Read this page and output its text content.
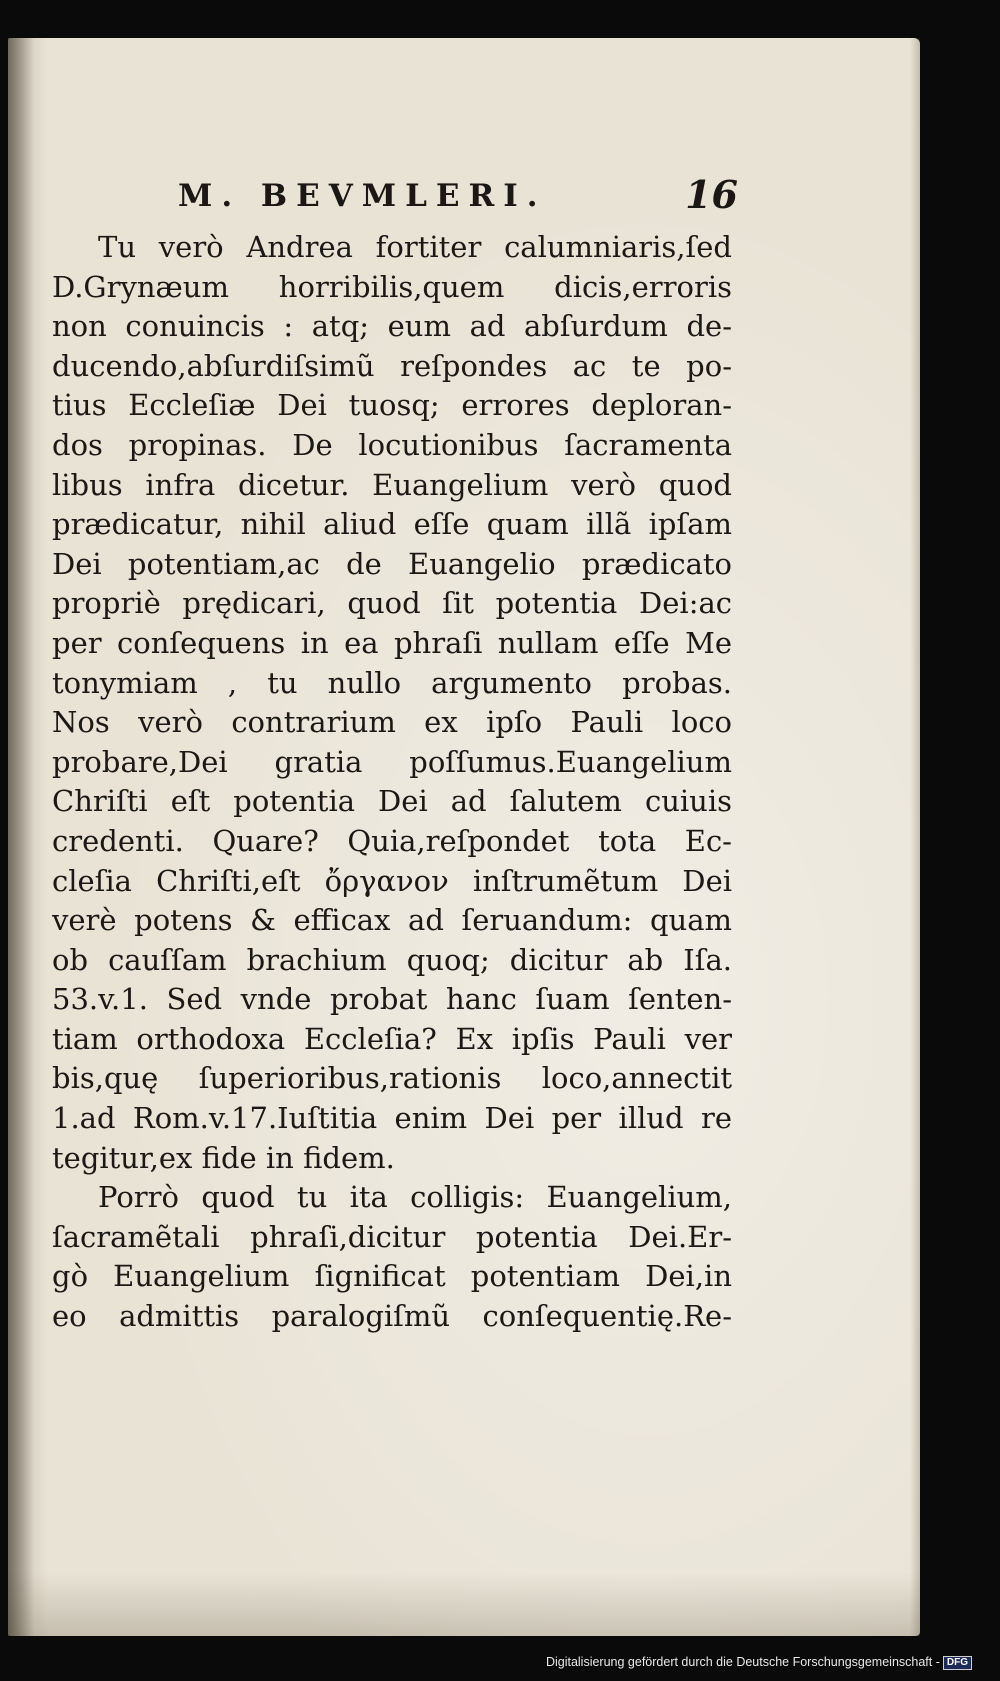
M. BEVMLERI.	16
Tu verò Andrea fortiter calumniaris,ſed
D.Grynæum horribilis,quem dicis,erroris
non conuincis : atq; eum ad abſurdum de-
ducendo,abſurdiſsimũ reſpondes ac te po-
tius Eccleſiæ Dei tuosq; errores deploran-
dos propinas. De locutionibus ſacramenta
libus infra dicetur. Euangelium verò quod
prædicatur, nihil aliud eſſe quam illã ipſam
Dei potentiam,ac de Euangelio prædicato
propriè prędicari, quod ſit potentia Dei:ac
per conſequens in ea phraſi nullam eſſe Me
tonymiam , tu nullo argumento probas.
Nos verò contrarium ex ipſo Pauli loco
probare,Dei gratia poſſumus.Euangelium
Chriſti eſt potentia Dei ad ſalutem cuiuis
credenti. Quare? Quia,reſpondet tota Ec-
cleſia Chriſti,eſt ὄργανον inſtrumẽtum Dei
verè potens & efficax ad ſeruandum: quam
ob cauſſam brachium quoq; dicitur ab Iſa.
53.v.1. Sed vnde probat hanc ſuam ſenten-
tiam orthodoxa Eccleſia? Ex ipſis Pauli ver
bis,quę ſuperioribus,rationis loco,annectit
1.ad Rom.v.17.Iuſtitia enim Dei per illud re
tegitur,ex fide in fidem.
Porrò quod tu ita colligis: Euangelium,
ſacramẽtali phraſi,dicitur potentia Dei.Er-
gò Euangelium ſignificat potentiam Dei,in
eo admittis paralogiſmũ conſequentię.Re-
Digitalisierung gefördert durch die Deutsche Forschungsgemeinschaft - DFG
